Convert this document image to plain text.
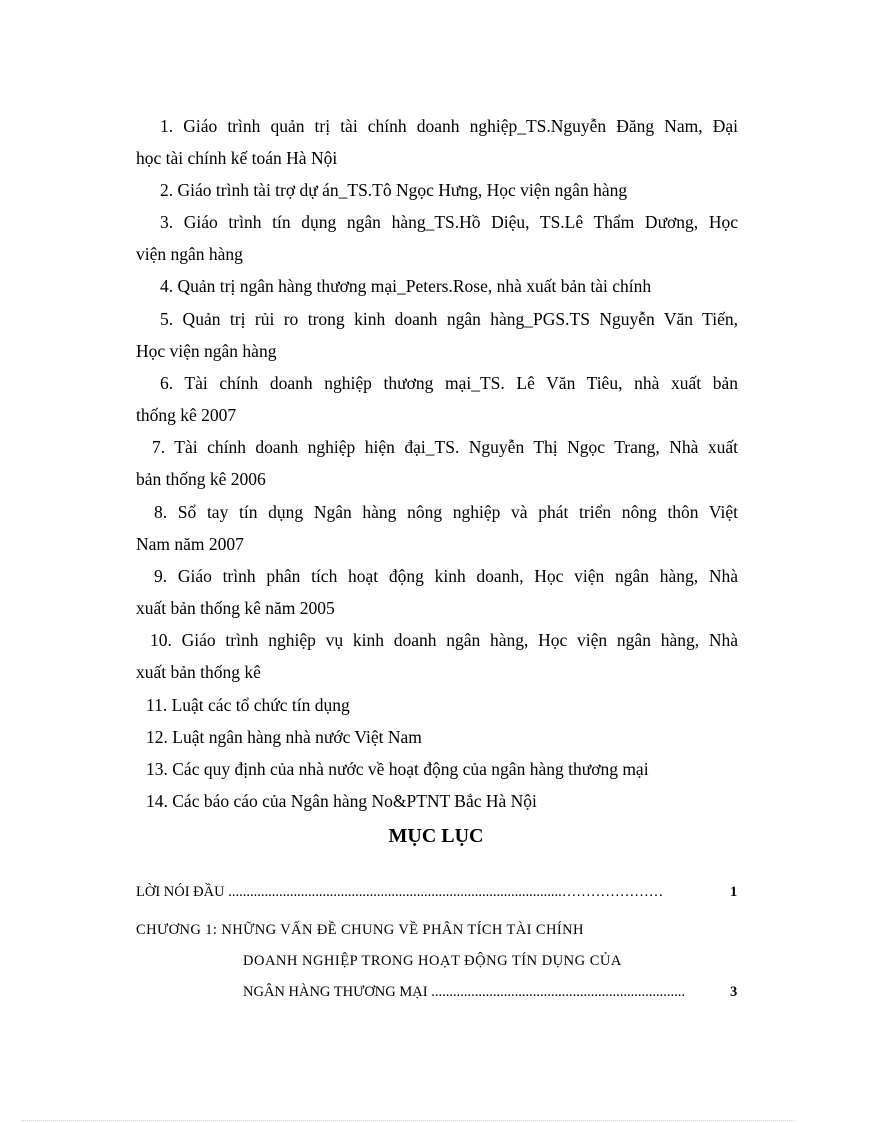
1. Giáo trình quản trị tài chính doanh nghiệp_TS.Nguyễn Đăng Nam, Đại
học tài chính kế toán Hà Nội
2. Giáo trình tài trợ dự án_TS.Tô Ngọc Hưng, Học viện ngân hàng
3. Giáo trình tín dụng ngân hàng_TS.Hồ Diệu, TS.Lê Thẩm Dương, Học
viện ngân hàng
4. Quản trị ngân hàng thương mại_Peters.Rose, nhà xuất bản tài chính
5. Quản trị rủi ro trong kinh doanh ngân hàng_PGS.TS Nguyễn Văn Tiến,
Học viện ngân hàng
6. Tài chính doanh nghiệp thương mại_TS. Lê Văn Tiêu, nhà xuất bản
thống kê 2007
7. Tài chính doanh nghiệp hiện đại_TS. Nguyễn Thị Ngọc Trang, Nhà xuất
bản thống kê 2006
8. Sổ tay tín dụng Ngân hàng nông nghiệp và phát triển nông thôn Việt
Nam năm 2007
9. Giáo trình phân tích hoạt động kinh doanh, Học viện ngân hàng, Nhà
xuất bản thống kê năm 2005
10. Giáo trình nghiệp vụ kinh doanh ngân hàng, Học viện ngân hàng, Nhà
xuất bản thống kê
11. Luật các tổ chức tín dụng
12. Luật ngân hàng nhà nước Việt Nam
13. Các quy định của nhà nước về hoạt động của ngân hàng thương mại
14. Các báo cáo của Ngân hàng No&PTNT Bắc Hà Nội
MỤC LỤC
LỜI NÓI ĐẦU ............................................................................................…………………	1
CHƯƠNG 1: NHỮNG VẤN ĐỀ CHUNG VỀ PHÂN TÍCH TÀI CHÍNH
DOANH NGHIỆP TRONG HOẠT ĐỘNG TÍN DỤNG CỦA
NGÂN HÀNG THƯƠNG MẠI ......................................................................	3
